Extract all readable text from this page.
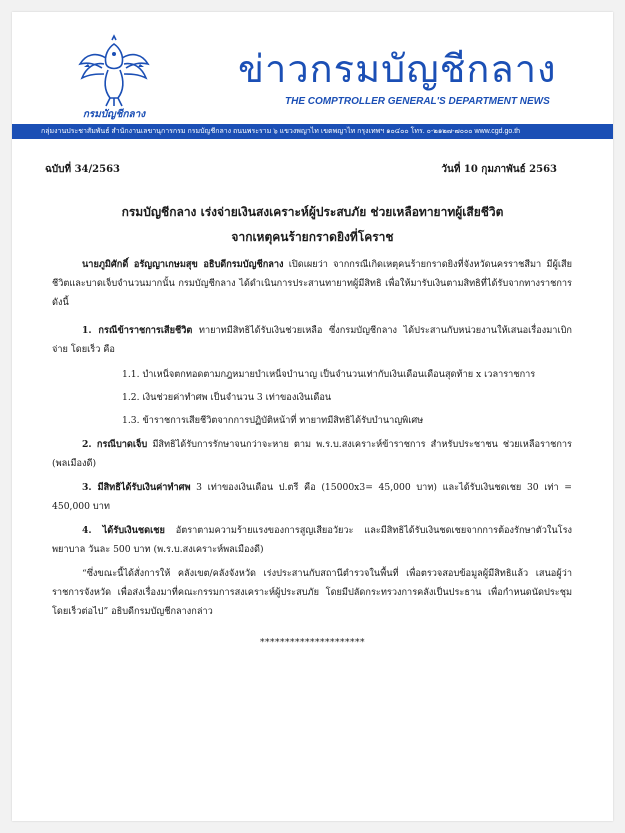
กรมบัญชีกลาง
ข่าวกรมบัญชีกลาง
THE COMPTROLLER GENERAL'S DEPARTMENT NEWS
กลุ่มงานประชาสัมพันธ์ สำนักงานเลขานุการกรม กรมบัญชีกลาง ถนนพระราม ๖ แขวงพญาไท เขตพญาไท กรุงเทพฯ ๑๐๔๐๐ โทร. ๐-๒๑๒๗-๗๐๐๐ www.cgd.go.th
ฉบับที่ 34/2563	วันที่ 10 กุมภาพันธ์ 2563
กรมบัญชีกลาง เร่งจ่ายเงินสงเคราะห์ผู้ประสบภัย ช่วยเหลือทายาทผู้เสียชีวิต
จากเหตุคนร้ายกราดยิงที่โคราช
นายภูมิศักดิ์ อรัญญาเกษมสุข อธิบดีกรมบัญชีกลาง เปิดเผยว่า จากกรณีเกิดเหตุคนร้ายกราดยิงที่จังหวัดนครราชสีมา มีผู้เสียชีวิตและบาดเจ็บจำนวนมากนั้น กรมบัญชีกลาง ได้ดำเนินการประสานทายาทผู้มีสิทธิ เพื่อให้มารับเงินตามสิทธิที่ได้รับจากทางราชการ ดังนี้
1. กรณีข้าราชการเสียชีวิต ทายาทมีสิทธิได้รับเงินช่วยเหลือ ซึ่งกรมบัญชีกลาง ได้ประสานกับหน่วยงานให้เสนอเรื่องมาเบิกจ่าย โดยเร็ว คือ
1.1. บำเหน็จตกทอดตามกฎหมายบำเหน็จบำนาญ เป็นจำนวนเท่ากับเงินเดือนเดือนสุดท้าย x เวลาราชการ
1.2. เงินช่วยค่าทำศพ เป็นจำนวน 3 เท่าของเงินเดือน
1.3. ข้าราชการเสียชีวิตจากการปฏิบัติหน้าที่ ทายาทมีสิทธิได้รับบำนาญพิเศษ
2. กรณีบาดเจ็บ มีสิทธิได้รับการรักษาจนกว่าจะหาย ตาม พ.ร.บ.สงเคราะห์ข้าราชการ สำหรับประชาชน ช่วยเหลือราชการ (พลเมืองดี)
3. มีสิทธิได้รับเงินค่าทำศพ 3 เท่าของเงินเดือน ป.ตรี คือ (15000x3= 45,000 บาท) และได้รับเงินชดเชย 30 เท่า = 450,000 บาท
4. ได้รับเงินชดเชย อัตราตามความร้ายแรงของการสูญเสียอวัยวะ และมีสิทธิได้รับเงินชดเชยจากการต้องรักษาตัวในโรงพยาบาล วันละ 500 บาท (พ.ร.บ.สงเคราะห์พลเมืองดี)
“ซึ่งขณะนี้ได้สั่งการให้ คลังเขต/คลังจังหวัด เร่งประสานกับสถานีตำรวจในพื้นที่ เพื่อตรวจสอบข้อมูลผู้มีสิทธิแล้ว เสนอผู้ว่าราชการจังหวัด เพื่อส่งเรื่องมาที่คณะกรรมการสงเคราะห์ผู้ประสบภัย โดยมีปลัดกระทรวงการคลังเป็นประธาน เพื่อกำหนดนัดประชุมโดยเร็วต่อไป” อธิบดีกรมบัญชีกลางกล่าว
*********************
